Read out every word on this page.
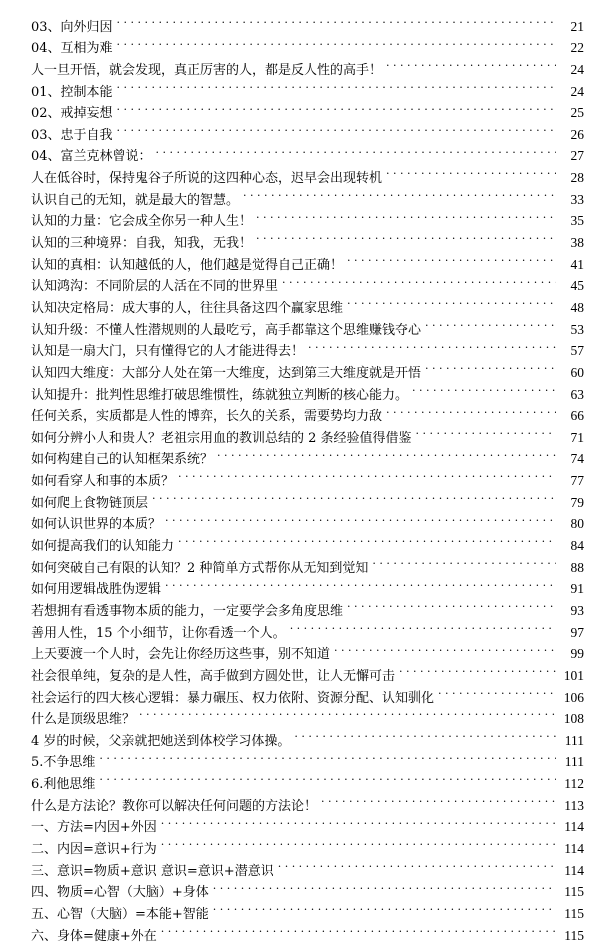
03、向外归因 . . .	21
04、互相为难 . . .	22
人一旦开悟，就会发现，真正厉害的人，都是反人性的高手！ . . .	24
01、控制本能 . . .	24
02、戒掉妄想 . . .	25
03、忠于自我 . . .	26
04、富兰克林曾说： . . .	27
人在低谷时，保持鬼谷子所说的这四种心态，迟早会出现转机 . . .	28
认识自己的无知，就是最大的智慧。 . . .	33
认知的力量：它会成全你另一种人生！ . . .	35
认知的三种境界：自我，知我，无我！ . . .	38
认知的真相：认知越低的人，他们越是觉得自己正确！ . . .	41
认知鸿沟：不同阶层的人活在不同的世界里 . . .	45
认知决定格局：成大事的人，往往具备这四个赢家思维 . . .	48
认知升级：不懂人性潜规则的人最吃亏，高手都靠这个思维赚钱夺心 . . .	53
认知是一扇大门，只有懂得它的人才能进得去！ . . .	57
认知四大维度：大部分人处在第一大维度，达到第三大维度就是开悟 . . .	60
认知提升：批判性思维打破思维惯性，练就独立判断的核心能力。 . . .	63
任何关系，实质都是人性的博弈，长久的关系，需要势均力敌 . . .	66
如何分辨小人和贵人？老祖宗用血的教训总结的 2 条经验值得借鉴 . . .	71
如何构建自己的认知框架系统？ . . .	74
如何看穿人和事的本质？ . . .	77
如何爬上食物链顶层 . . .	79
如何认识世界的本质？ . . .	80
如何提高我们的认知能力 . . .	84
如何突破自己有限的认知？2 种简单方式帮你从无知到觉知 . . .	88
如何用逻辑战胜伪逻辑 . . .	91
若想拥有看透事物本质的能力，一定要学会多角度思维 . . .	93
善用人性，15 个小细节，让你看透一个人。 . . .	97
上天要渡一个人时，会先让你经历这些事，别不知道 . . .	99
社会很单纯，复杂的是人性，高手做到方圆处世，让人无懈可击 . . .	101
社会运行的四大核心逻辑：暴力碾压、权力依附、资源分配、认知驯化 . . .	106
什么是顶级思维？ . . .	108
4 岁的时候，父亲就把她送到体校学习体操。 . . .	111
5.不争思维 . . .	111
6.利他思维 . . .	112
什么是方法论？教你可以解决任何问题的方法论！ . . .	113
一、方法=内因+外因 . . .	114
二、内因=意识+行为 . . .	114
三、意识=物质+意识 意识=意识+潜意识 . . .	114
四、物质=心智（大脑）+身体 . . .	115
五、心智（大脑）=本能+智能 . . .	115
六、身体=健康+外在 . . .	115
